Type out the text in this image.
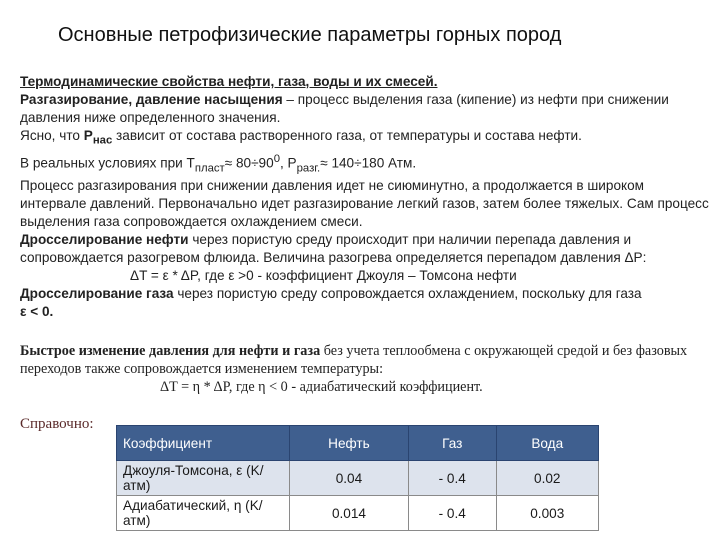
Основные петрофизические параметры горных пород

Термодинамические свойства нефти, газа, воды и их смесей.

Разгазирование, давление насыщения – процесс выделения газа (кипение) из нефти при снижении давления ниже определенного значения.

Ясно, что $P_{нас}$ зависит от состава растворенного газа, от температуры и состава нефти.

В реальных условиях при $T_{пласт}\approx 80\div 90^0$, $P_{разг.}\approx 140\div 180$ Атм.

Процесс разгазирования при снижении давления идет не сиюминутно, а продолжается в широком интервале давлений. Первоначально идет разгазирование легкий газов, затем более тяжелых. Сам процесс выделения газа сопровождается охлаждением смеси.

Дросселирование нефти через пористую среду происходит при наличии перепада давления и сопровождается разогревом флюида. Величина разогрева определяется перепадом давления ΔP:

ΔT = ε * ΔP, где ε >0 - коэффициент Джоуля – Томсона нефти

Дросселирование газа через пористую среду сопровождается охлаждением, поскольку для газа
ε < 0.

Быстрое изменение давления для нефти и газа без учета теплообмена с окружающей средой и без фазовых переходов также сопровождается изменением температуры:

ΔT = η * ΔP, где η < 0 - адиабатический коэффициент.

Справочно:
Коэффициент	Нефть	Газ	Вода
Джоуля-Томсона, ε (K/атм)	0.04	- 0.4	0.02
Адиабатический, η (K/атм)	0.014	- 0.4	0.003
